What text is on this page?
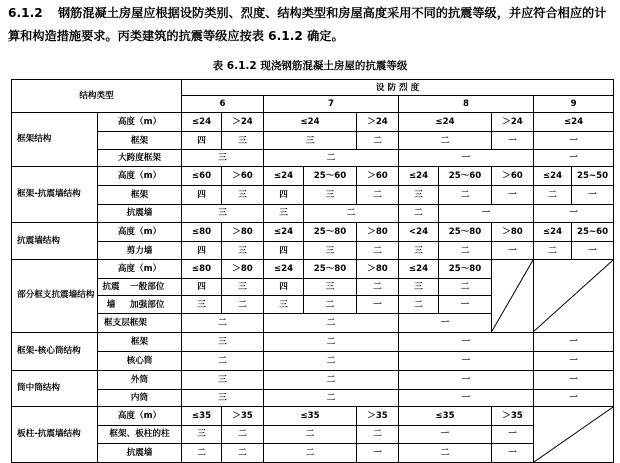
6.1.2 钢筋混凝土房屋应根据设防类别、烈度、结构类型和房屋高度采用不同的抗震等级，并应符合相应的计算和构造措施要求。丙类建筑的抗震等级应按表 6.1.2 确定。
表 6.1.2 现浇钢筋混凝土房屋的抗震等级
结构类型		设 防 烈 度									
		6		7			8			9	
框架结构	高度（m）	≤24	＞24	≤24		＞24	≤24		＞24	≤24	
	框架	四	三	三		二	二		一	一	
	大跨度框架	三		二			一			一	
框架-抗震墙结构	高度（m）	≤60	＞60	≤24	25～60	＞60	≤24	25～60	＞60	≤24	25~50
	框架	四	三	四	三	二	三	二	一	二	一
	抗震墙	三		三	二		二	一		一	
抗震墙结构	高度（m）	≤80	＞80	≤24	25～80	＞80	<24	25～80	＞80	≤24	25~60
	剪力墙	四	三	四	三	二	三	二	一	二	一
部分框支抗震墙结构	高度（m）	≤80	＞80	≤24	25～80	＞80	≤24	25～80	

	抗震 一般部位	四	三	四	三	二	三	二			

	墙 加强部位	三	二	三	二	一	二	一			
	框支层框架	二		二			一				
框架-核心筒结构	框架	三		二			一			一	
	核心筒	二		二			一			一	
筒中筒结构	外筒	三		二			一			一	
	内筒	三		二			一			一	
板柱-抗震墙结构	高度（m）	≤35	＞35	≤35		＞35	≤35		＞35	

	框架、板柱的柱	三	二	二		二	一		一		
	抗震墙	二	二	二		一	二		一		
